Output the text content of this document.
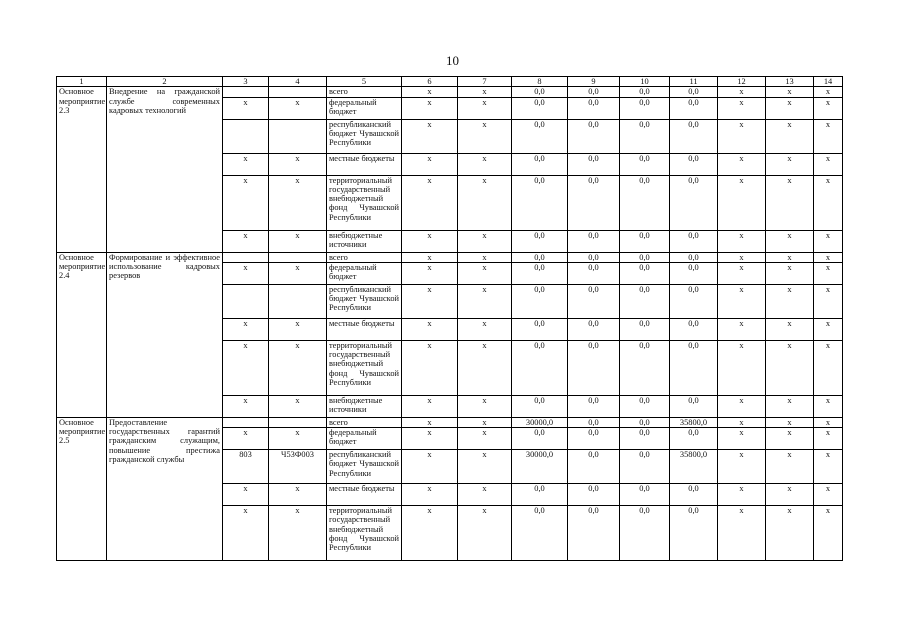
10
1	2	3	4	5	6	7	8	9	10	11	12	13	14
Основное мероприятие 2.3	Внедрение на гражданской службе современных кадровых технологий			всего	x	x	0,0	0,0	0,0	0,0	x	x	x
		x	x	федеральный бюджет	x	x	0,0	0,0	0,0	0,0	x	x	x
				республиканский бюджет Чувашской Республики	x	x	0,0	0,0	0,0	0,0	x	x	x
		x	x	местные бюджеты	x	x	0,0	0,0	0,0	0,0	x	x	x
		x	x	территориальный государственный внебюджетный фонд Чувашской Республики	x	x	0,0	0,0	0,0	0,0	x	x	x
		x	x	внебюджетные источники	x	x	0,0	0,0	0,0	0,0	x	x	x
Основное мероприятие 2.4	Формирование и эффективное использование кадровых резервов			всего	x	x	0,0	0,0	0,0	0,0	x	x	x
		x	x	федеральный бюджет	x	x	0,0	0,0	0,0	0,0	x	x	x
				республиканский бюджет Чувашской Республики	x	x	0,0	0,0	0,0	0,0	x	x	x
		x	x	местные бюджеты	x	x	0,0	0,0	0,0	0,0	x	x	x
		x	x	территориальный государственный внебюджетный фонд Чувашской Республики	x	x	0,0	0,0	0,0	0,0	x	x	x
		x	x	внебюджетные источники	x	x	0,0	0,0	0,0	0,0	x	x	x
Основное мероприятие 2.5	Предоставление государственных гарантий гражданским служащим, повышение престижа гражданской службы			всего	x	x	30000,0	0,0	0,0	35800,0	x	x	x
		x	x	федеральный бюджет	x	x	0,0	0,0	0,0	0,0	x	x	x
		803	Ч53Ф003	республиканский бюджет Чувашской Республики	x	x	30000,0	0,0	0,0	35800,0	x	x	x
		x	x	местные бюджеты	x	x	0,0	0,0	0,0	0,0	x	x	x
		x	x	территориальный государственный внебюджетный фонд Чувашской Республики	x	x	0,0	0,0	0,0	0,0	x	x	x
